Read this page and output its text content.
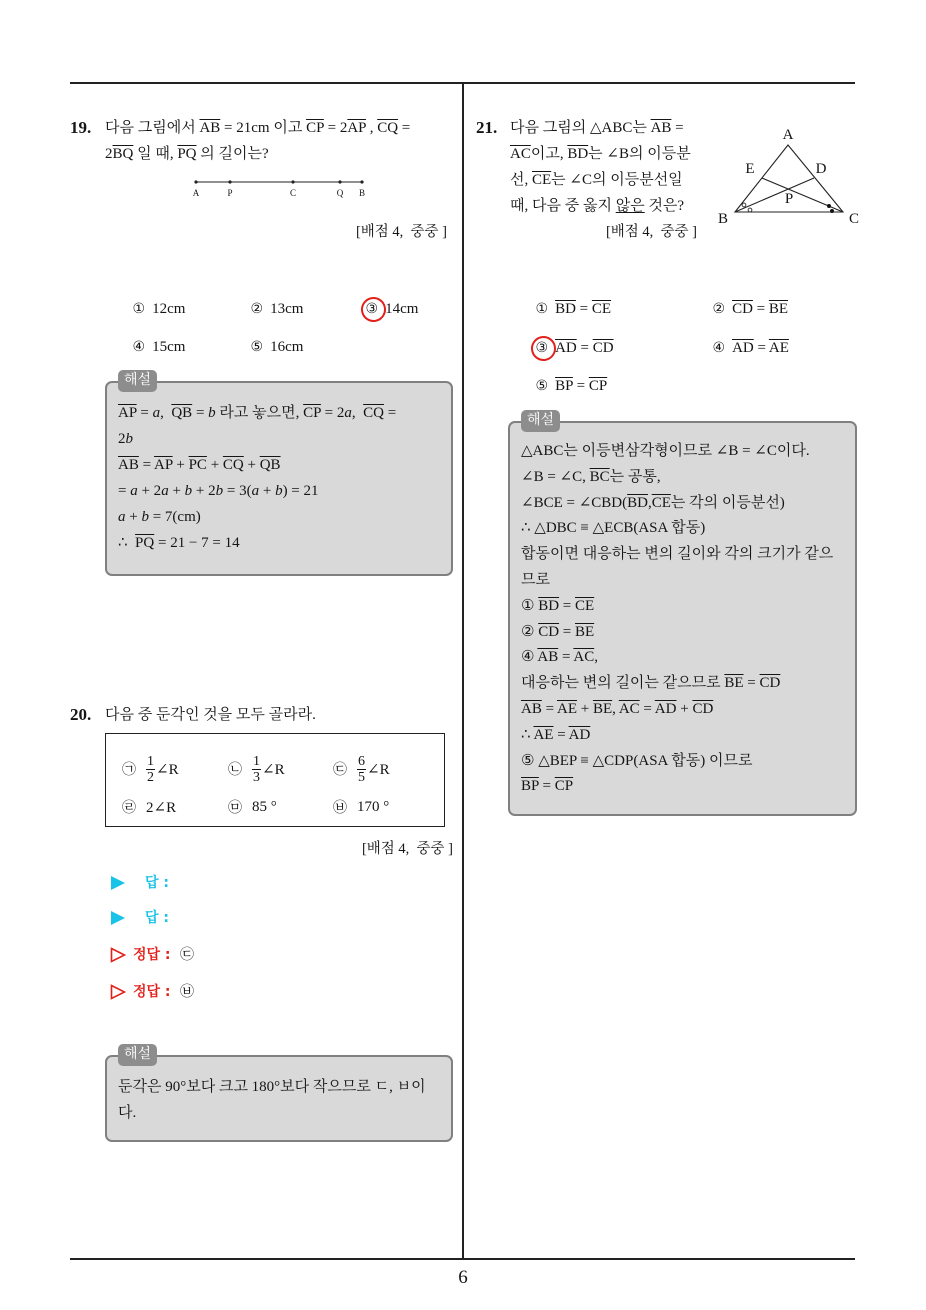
19. 다음 그림에서 $\overline{AB} = 21cm$ 이고 $\overline{CP} = 2\overline{AP}$ , $\overline{CQ}$ =
$2\overline{BQ}$ 일 때, $\overline{PQ}$ 의 길이는?
A	P	C	Q B
[배점 4,  중중 ]

① 12cm
	② 13cm
	③ 14cm

④ 15cm
	⑤ 16cm

해설
$\overline{AP} = a$,  $\overline{QB} = b$ 라고 놓으면, $\overline{CP} = 2a$,  $\overline{CQ}$ =
2b
$\overline{AB} = \overline{AP} + \overline{PC} + \overline{CQ} + \overline{QB}$
= a + 2a + b + 2b = 3(a + b) = 21
a + b = 7(cm)
∴  $\overline{PQ} = 21 - 7 = 14$
20. 다음 중 둔각인 것을 모두 골라라.
㉠ $\frac{1}{2}$ ∠R	㉡ $\frac{1}{3}$ ∠R	㉢ $\frac{6}{5}$ ∠R
㉣ 2∠R	㉤ 85 °	㉥ 170 °
[배점 4,  중중 ]
답 :
답 :
정답 : ㉢
정답 : ㉥
해설
둔각은 90°보다 크고 180°보다 작으므로 ㄷ, ㅂ이
다.
21. 다음 그림의 △ABC는 $\overline{AB}$ =
$\overline{AC}$이고, $\overline{BD}$는 ∠B의 이등분
선, $\overline{CE}$는 ∠C의 이등분선일
때, 다음 중 옳지 않은 것은?
A
B	C
D
E
P
[배점 4,  중중 ]

① $\overline{BD} = \overline{CE}$
	② $\overline{CD} = \overline{BE}$

③ $\overline{AD} = \overline{CD}$
	④ $\overline{AD} = \overline{AE}$

⑤ $\overline{BP} = \overline{CP}$

해설
△ABC는 이등변삼각형이므로 ∠B = ∠C이다.
∠B = ∠C, $\overline{BC}$는 공통,
∠BCE = $\angle CBD(\overline{BD},\overline{CE}$는 각의 이등분선)
∴ △DBC ≡ △ECB(ASA 합동)
합동이면 대응하는 변의 길이와 각의 크기가 같으
므로
① $\overline{BD} = \overline{CE}$
② $\overline{CD} = \overline{BE}$
④ $\overline{AB} = \overline{AC}$,
대응하는 변의 길이는 같으므로 $\overline{BE} = \overline{CD}$
$\overline{AB} = \overline{AE} + \overline{BE}$, $\overline{AC} = \overline{AD} + \overline{CD}$
∴ $\overline{AE} = \overline{AD}$
⑤ △BEP ≡ △CDP(ASA 합동) 이므로
$\overline{BP} = \overline{CP}$
6
